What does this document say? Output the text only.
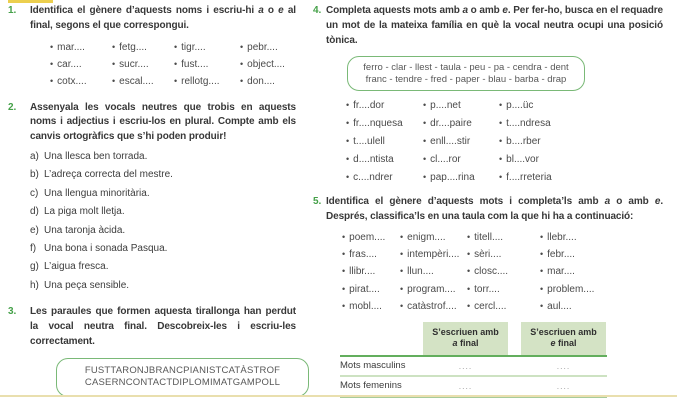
1.	Identifica el gènere d’aquests noms i escriu-hi a o e al final, segons el que correspongui.
• mar....	• fetg....	• tigr....	• pebr....
• car....	• sucr....	• fust....	• object....
• cotx....	• escal....	• rellotg....	• don....
2.	Assenyala les vocals neutres que trobis en aquests noms i adjectius i escriu-los en plural. Compte amb els canvis ortogràfics que s’hi poden produir!
a) Una llesca ben torrada.
b) L’adreça correcta del mestre.
c) Una llengua minoritària.
d) La piga molt lletja.
e) Una taronja àcida.
f) Una bona i sonada Pasqua.
g) L’aigua fresca.
h) Una peça sensible.
3.	Les paraules que formen aquesta tirallonga han perdut la vocal neutra final. Descobreix-les i escriu-les correctament.
FUSTTARONJBRANCPIANISTCATÀSTROF
CASERNCONTACTDIPLOMIMATGAMPOLL
4. Completa aquests mots amb a o amb e. Per fer-ho, busca en el requadre un mot de la mateixa família en què la vocal neutra ocupi una posició tònica.
ferro - clar - llest - taula - peu - pa - cendra - dent
franc - tendre - fred - paper - blau - barba - drap
• fr....dor	• p....net	• p....üc
• fr....nquesa	• dr....paire	• t....ndresa
• t....ulell	• enll....stir	• b....rber
• d....ntista	• cl....ror	• bl....vor
• c....ndrer	• pap....rina	• f....rreteria
5. Identifica el gènere d’aquests mots i completa’ls amb a o amb e. Després, classifica’ls en una taula com la que hi ha a continuació:
• poem....	• enigm....	• titell....	• llebr....
• fras....	• intempèri.... • sèri....	• febr....
• llibr....	• llun....	• closc....	• mar....
• pirat....	• program....	• torr....	• problem....
• mobl....	• catàstrof....	• cercl....	• aul....
S’escriuen amb
a final
S’escriuen amb
e final
Mots masculins	....	....
Mots femenins	....	....
